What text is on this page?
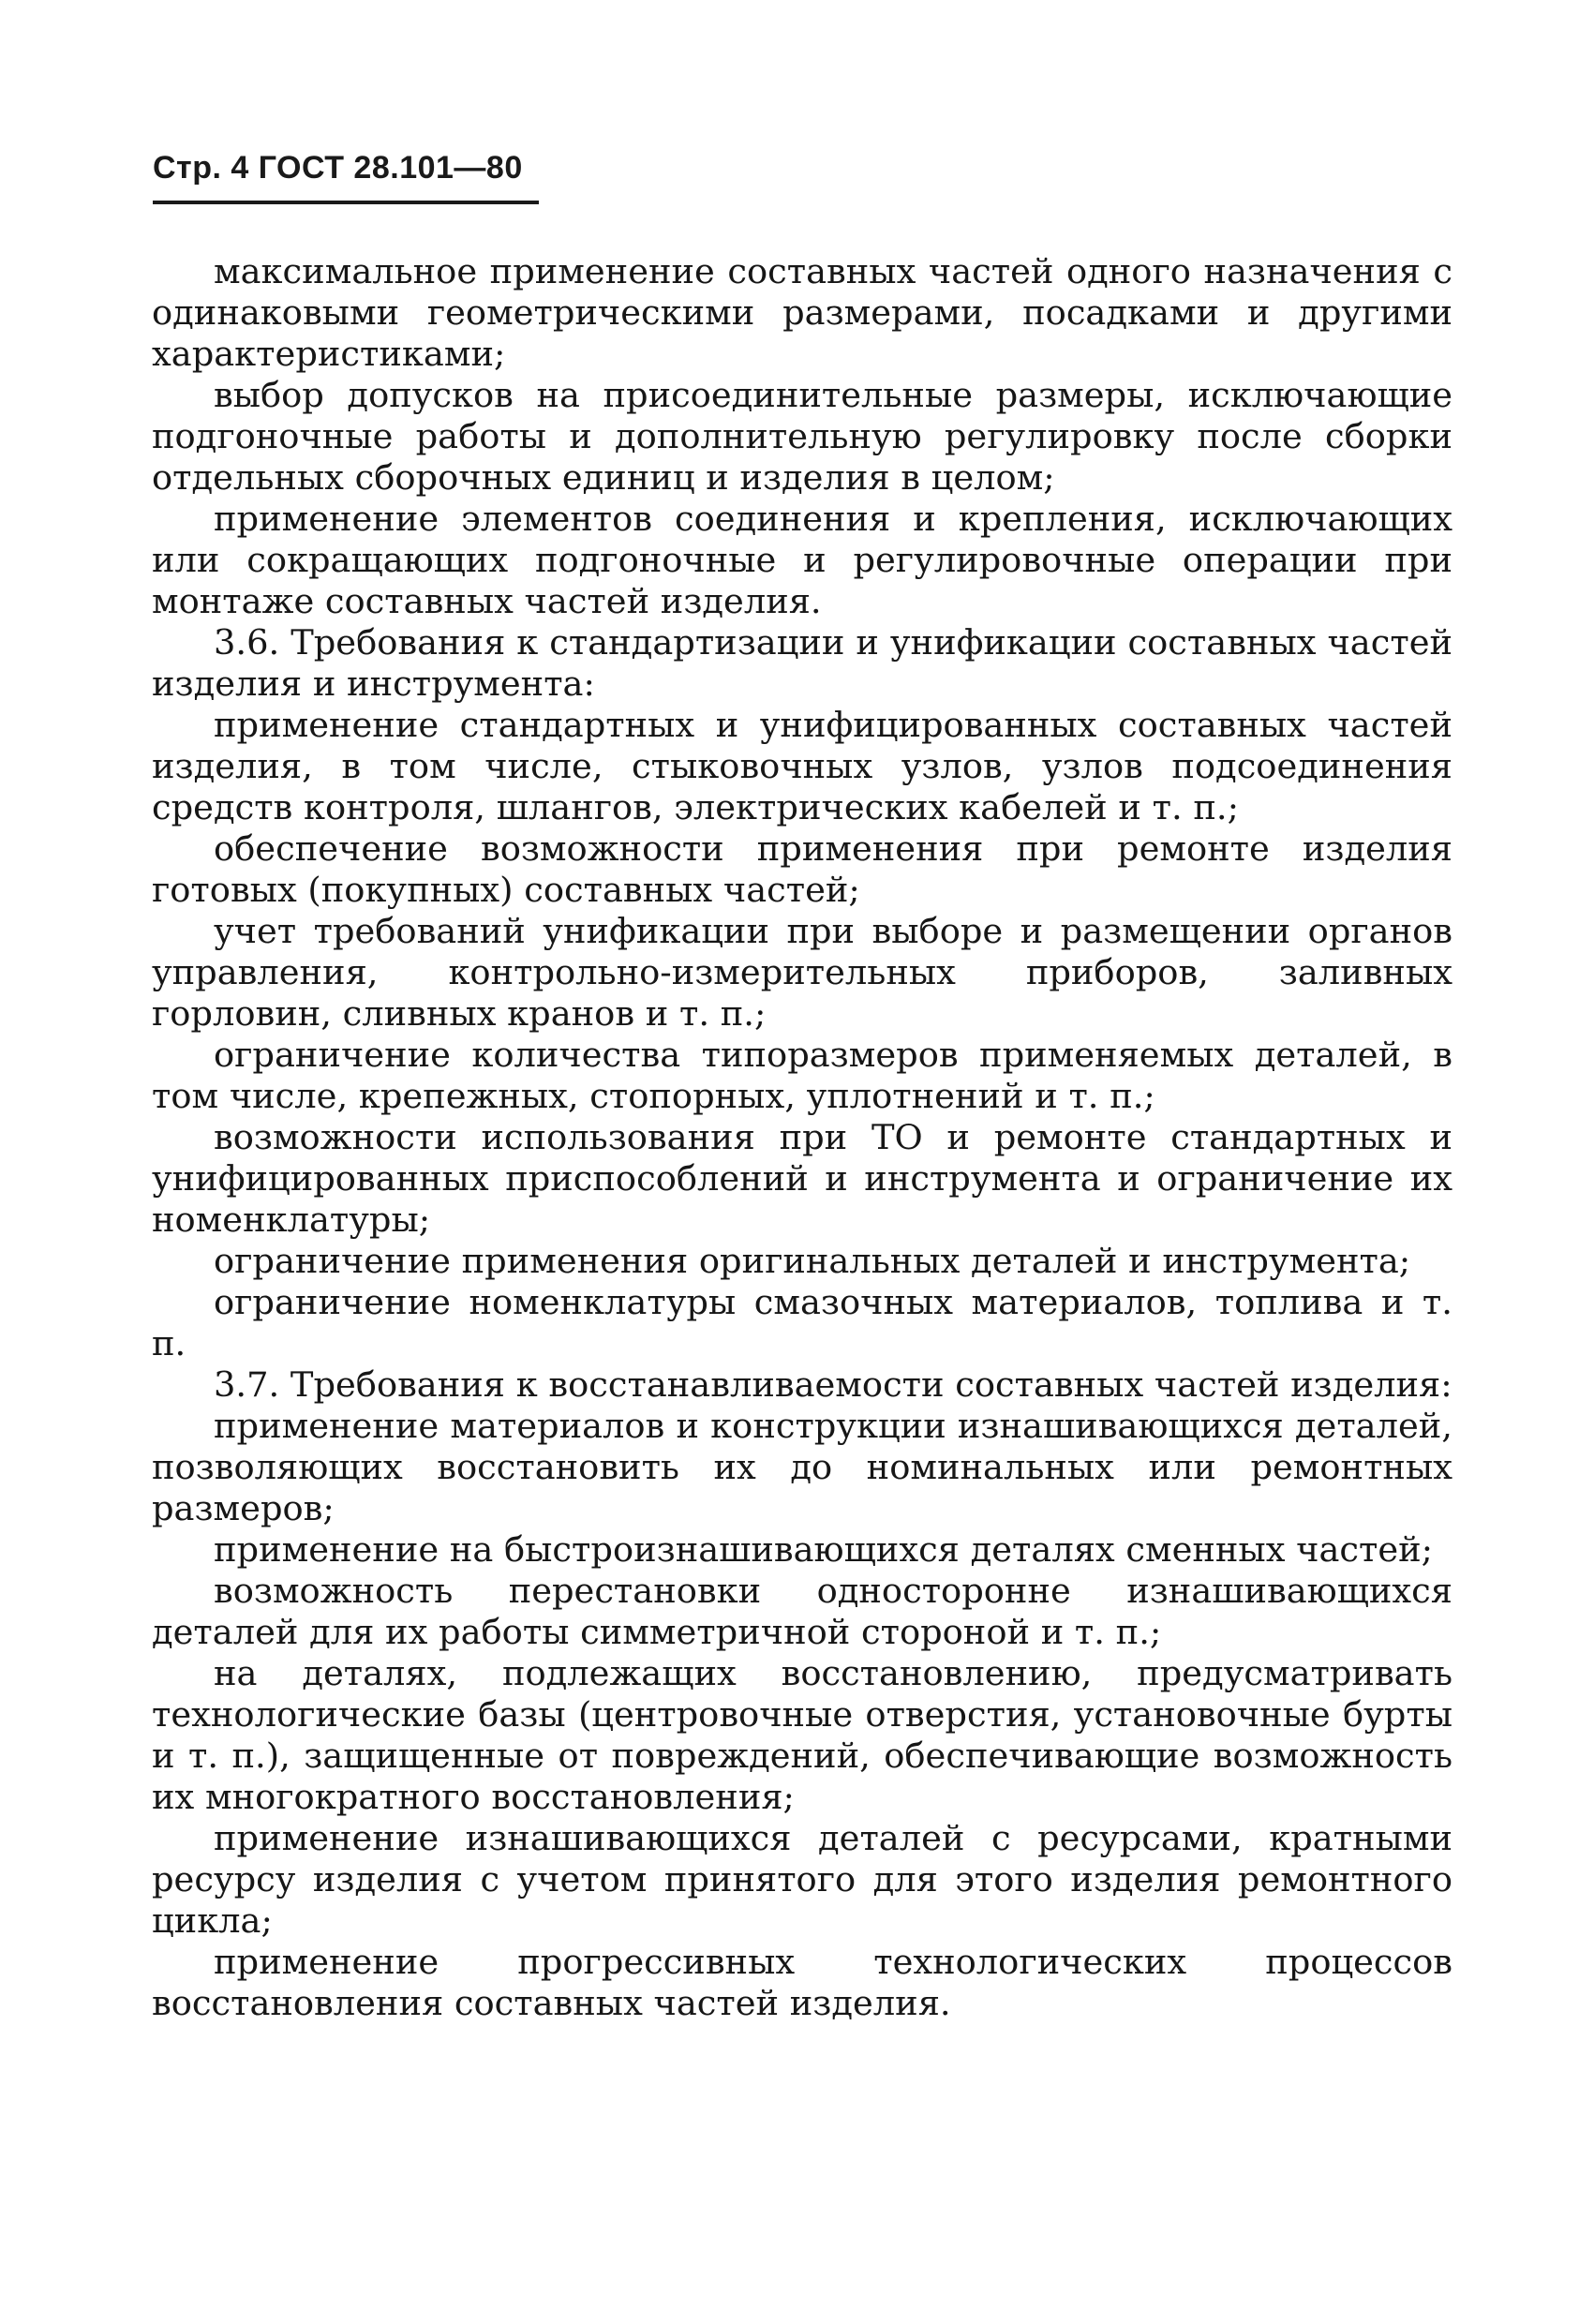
Стр. 4 ГОСТ 28.101—80

максимальное применение составных частей одного назначения с одинаковыми геометрическими размерами, посадками и другими характеристиками;

выбор допусков на присоединительные размеры, исключающие подгоночные работы и дополнительную регулировку после сборки отдельных сборочных единиц и изделия в целом;

применение элементов соединения и крепления, исключающих или сокращающих подгоночные и регулировочные операции при монтаже составных частей изделия.

3.6. Требования к стандартизации и унификации составных частей изделия и инструмента:

применение стандартных и унифицированных составных частей изделия, в том числе, стыковочных узлов, узлов подсоединения средств контроля, шлангов, электрических кабелей и т. п.;

обеспечение возможности применения при ремонте изделия готовых (покупных) составных частей;

учет требований унификации при выборе и размещении органов управления, контрольно-измерительных приборов, заливных горловин, сливных кранов и т. п.;

ограничение количества типоразмеров применяемых деталей, в том числе, крепежных, стопорных, уплотнений и т. п.;

возможности использования при ТО и ремонте стандартных и унифицированных приспособлений и инструмента и ограничение их номенклатуры;

ограничение применения оригинальных деталей и инструмента;

ограничение номенклатуры смазочных материалов, топлива и т. п.

3.7. Требования к восстанавливаемости составных частей изделия:

применение материалов и конструкции изнашивающихся деталей, позволяющих восстановить их до номинальных или ремонтных размеров;

применение на быстроизнашивающихся деталях сменных частей;

возможность перестановки односторонне изнашивающихся деталей для их работы симметричной стороной и т. п.;

на деталях, подлежащих восстановлению, предусматривать технологические базы (центровочные отверстия, установочные бурты и т. п.), защищенные от повреждений, обеспечивающие возможность их многократного восстановления;

применение изнашивающихся деталей с ресурсами, кратными ресурсу изделия с учетом принятого для этого изделия ремонтного цикла;

применение прогрессивных технологических процессов восстановления составных частей изделия.
